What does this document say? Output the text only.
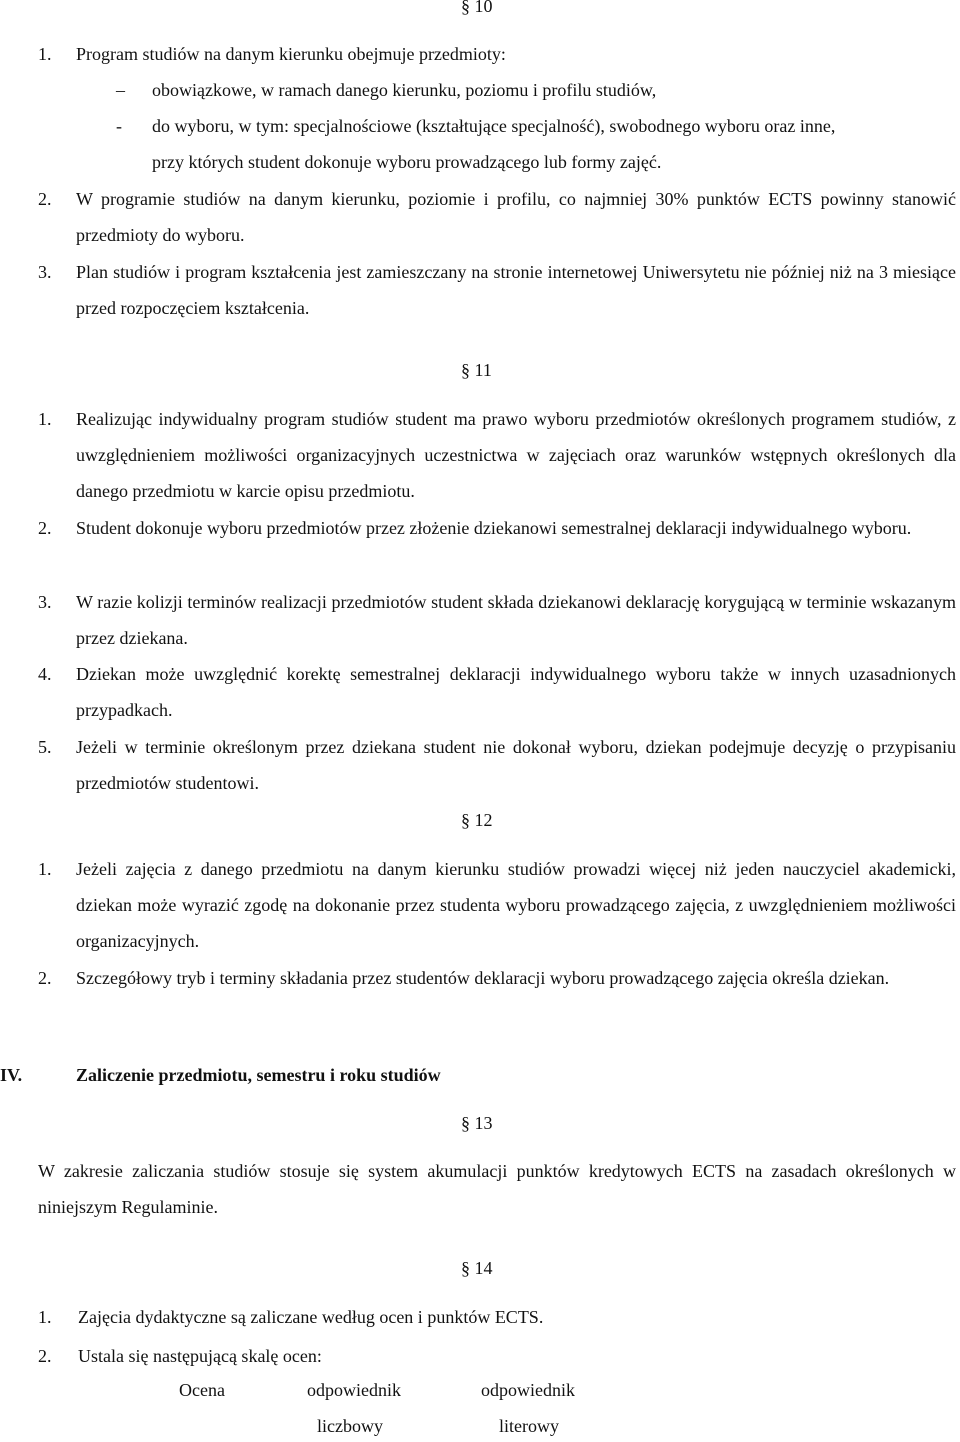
§ 10
1. Program studiów na danym kierunku obejmuje przedmioty:
– obowiązkowe, w ramach danego kierunku, poziomu i profilu studiów,
- do wyboru, w tym: specjalnościowe (kształtujące specjalność), swobodnego wyboru oraz inne,
przy których student dokonuje wyboru prowadzącego lub formy zajęć.
2. W programie studiów na danym kierunku, poziomie i profilu, co najmniej 30% punktów ECTS powinny stanowić przedmioty do wyboru.
3. Plan studiów i program kształcenia jest zamieszczany na stronie internetowej Uniwersytetu nie później niż na 3 miesiące przed rozpoczęciem kształcenia.
§ 11
1. Realizując indywidualny program studiów student ma prawo wyboru przedmiotów określonych programem studiów, z uwzględnieniem możliwości organizacyjnych uczestnictwa w zajęciach oraz warunków wstępnych określonych dla danego przedmiotu w karcie opisu przedmiotu.
2. Student dokonuje wyboru przedmiotów przez złożenie dziekanowi semestralnej deklaracji indywidualnego wyboru.
3. W razie kolizji terminów realizacji przedmiotów student składa dziekanowi deklarację korygującą w terminie wskazanym przez dziekana.
4. Dziekan może uwzględnić korektę semestralnej deklaracji indywidualnego wyboru także w innych uzasadnionych przypadkach.
5. Jeżeli w terminie określonym przez dziekana student nie dokonał wyboru, dziekan podejmuje decyzję o przypisaniu przedmiotów studentowi.
§ 12
1. Jeżeli zajęcia z danego przedmiotu na danym kierunku studiów prowadzi więcej niż jeden nauczyciel akademicki, dziekan może wyrazić zgodę na dokonanie przez studenta wyboru prowadzącego zajęcia, z uwzględnieniem możliwości organizacyjnych.
2. Szczegółowy tryb i terminy składania przez studentów deklaracji wyboru prowadzącego zajęcia określa dziekan.
IV.	Zaliczenie przedmiotu, semestru i roku studiów
§ 13
W zakresie zaliczania studiów stosuje się system akumulacji punktów kredytowych ECTS na zasadach określonych w niniejszym Regulaminie.
§ 14
1. Zajęcia dydaktyczne są zaliczane według ocen i punktów ECTS.
2. Ustala się następującą skalę ocen:
Ocena	odpowiednik
liczbowy
odpowiednik
literowy
